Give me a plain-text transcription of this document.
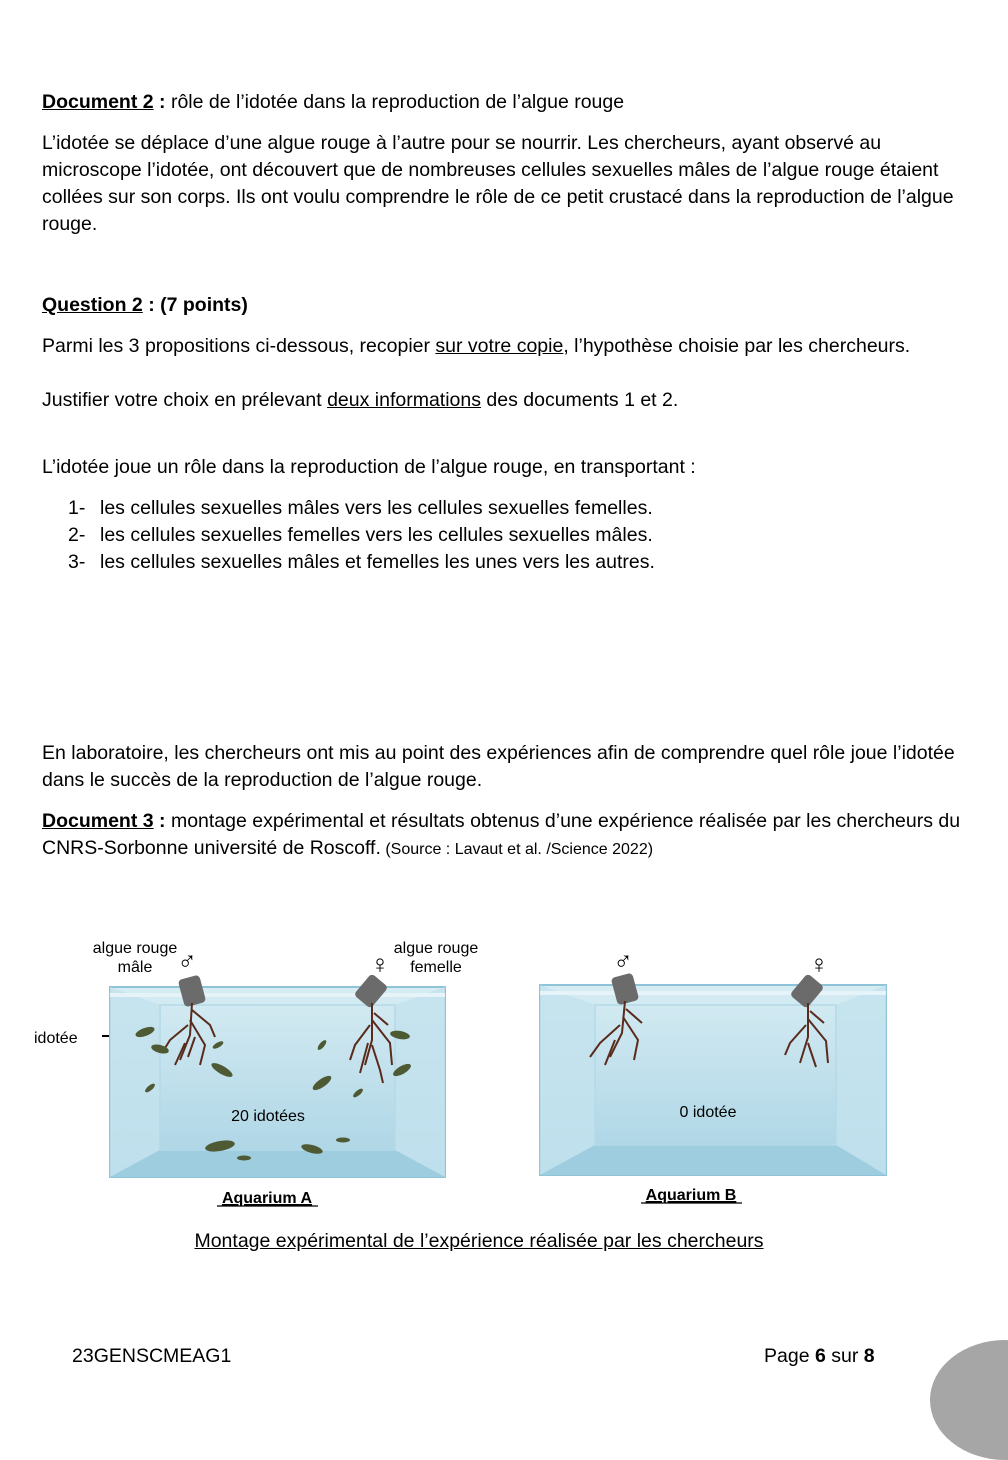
Document 2 : rôle de l’idotée dans la reproduction de l’algue rouge

L’idotée se déplace d’une algue rouge à l’autre pour se nourrir. Les chercheurs, ayant observé au microscope l’idotée, ont découvert que de nombreuses cellules sexuelles mâles de l’algue rouge étaient collées sur son corps. Ils ont voulu comprendre le rôle de ce petit crustacé dans la reproduction de l’algue rouge.

Question 2 : (7 points)

Parmi les 3 propositions ci-dessous, recopier sur votre copie, l’hypothèse choisie par les chercheurs.

Justifier votre choix en prélevant deux informations des documents 1 et 2.

L’idotée joue un rôle dans la reproduction de l’algue rouge, en transportant :

1- les cellules sexuelles mâles vers les cellules sexuelles femelles.
2- les cellules sexuelles femelles vers les cellules sexuelles mâles.
3- les cellules sexuelles mâles et femelles les unes vers les autres.

En laboratoire, les chercheurs ont mis au point des expériences afin de comprendre quel rôle joue l’idotée dans le succès de la reproduction de l’algue rouge.

Document 3 : montage expérimental et résultats obtenus d’une expérience réalisée par les chercheurs du CNRS-Sorbonne université de Roscoff. (Source : Lavaut et al. /Science 2022)

algue rouge
mâle ♂	algue rouge
femelle
♀	♂	♀
idotée
20 idotées	0 idotée
Aquarium A	Aquarium B

Montage expérimental de l’expérience réalisée par les chercheurs

23GENSCMEAG1	Page 6 sur 8
